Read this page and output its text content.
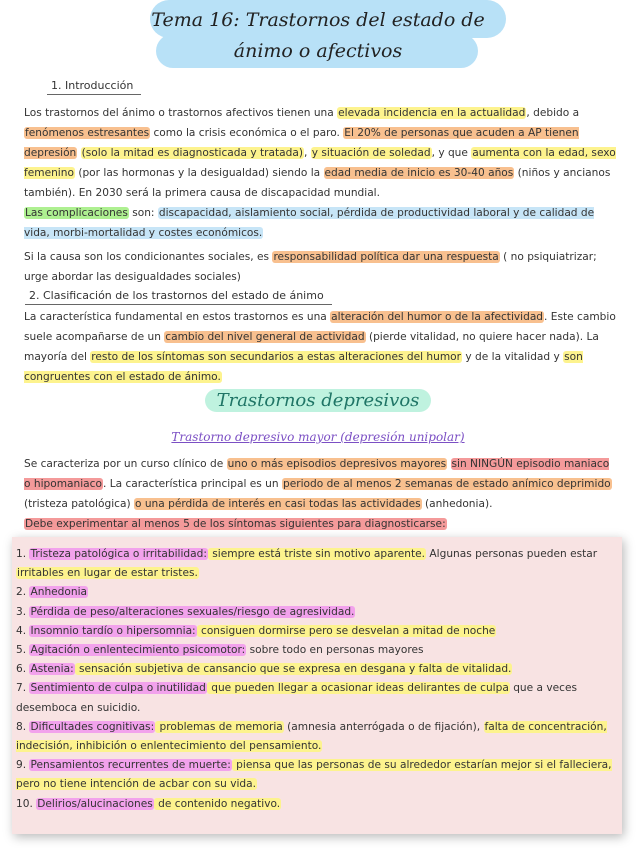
Tema 16: Trastornos del estado de
ánimo o afectivos
1. Introducción

Los trastornos del ánimo o trastornos afectivos tienen una elevada incidencia en la actualidad, debido a fenómenos estresantes como la crisis económica o el paro. El 20% de personas que acuden a AP tienen depresión (solo la mitad es diagnosticada y tratada), y situación de soledad, y que aumenta con la edad, sexo femenino (por las hormonas y la desigualdad) siendo la edad media de inicio es 30-40 años (niños y ancianos también). En 2030 será la primera causa de discapacidad mundial.

Las complicaciones son: discapacidad, aislamiento social, pérdida de productividad laboral y de calidad de vida, morbi-mortalidad y costes económicos.

Si la causa son los condicionantes sociales, es responsabilidad política dar una respuesta ( no psiquiatrizar; urge abordar las desigualdades sociales)

2. Clasificación de los trastornos del estado de ánimo

La característica fundamental en estos trastornos es una alteración del humor o de la afectividad. Este cambio suele acompañarse de un cambio del nivel general de actividad (pierde vitalidad, no quiere hacer nada). La mayoría del resto de los síntomas son secundarios a estas alteraciones del humor y de la vitalidad y son congruentes con el estado de ánimo.

Trastornos depresivos
Trastorno depresivo mayor (depresión unipolar)

Se caracteriza por un curso clínico de uno o más episodios depresivos mayores sin NINGÚN episodio maniaco o hipomaniaco. La característica principal es un periodo de al menos 2 semanas de estado anímico deprimido (tristeza patológica) o una pérdida de interés en casi todas las actividades (anhedonia).

Debe experimentar al menos 5 de los síntomas siguientes para diagnosticarse:

1. Tristeza patológica o irritabilidad: siempre está triste sin motivo aparente. Algunas personas pueden estar irritables en lugar de estar tristes.

2. Anhedonia

3. Pérdida de peso/alteraciones sexuales/riesgo de agresividad.

4. Insomnio tardío o hipersomnia: consiguen dormirse pero se desvelan a mitad de noche

5. Agitación o enlentecimiento psicomotor: sobre todo en personas mayores

6. Astenia: sensación subjetiva de cansancio que se expresa en desgana y falta de vitalidad.

7. Sentimiento de culpa o inutilidad que pueden llegar a ocasionar ideas delirantes de culpa que a veces desemboca en suicidio.

8. Dificultades cognitivas: problemas de memoria (amnesia anterrógada o de fijación), falta de concentración, indecisión, inhibición o enlentecimiento del pensamiento.

9. Pensamientos recurrentes de muerte: piensa que las personas de su alrededor estarían mejor si el fallecier​a, pero no tiene intención de acbar con su vida.

10. Delirios/alucinaciones de contenido negativo.
